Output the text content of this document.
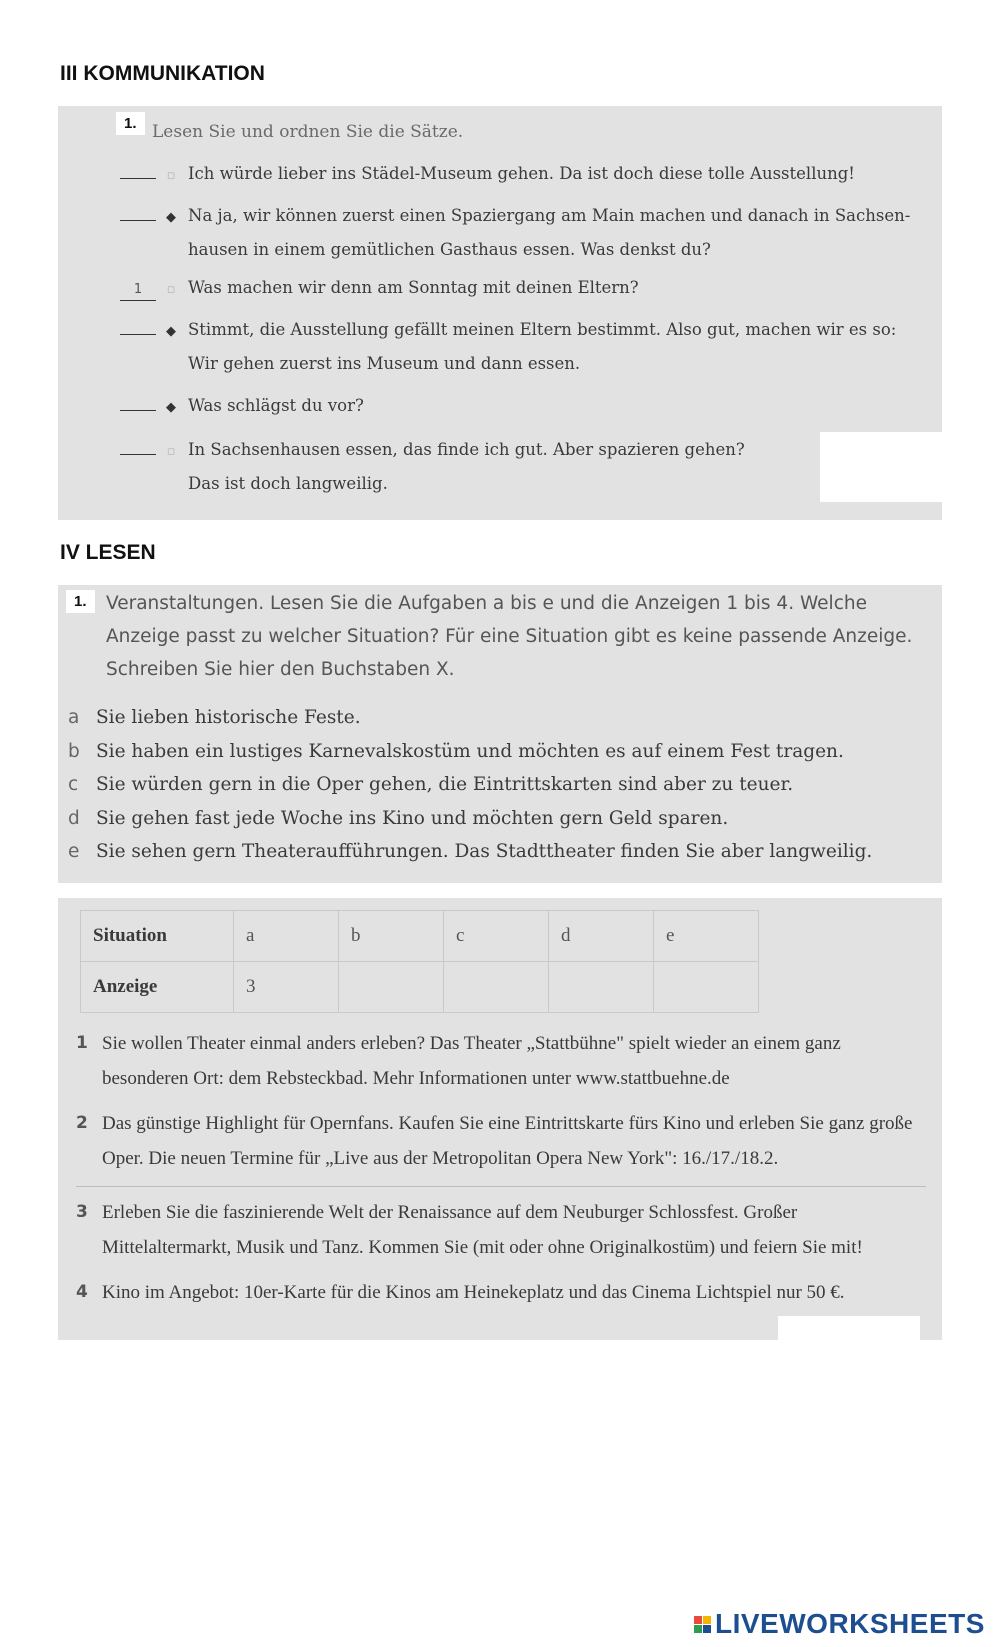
III KOMMUNIKATION
1. Lesen Sie und ordnen Sie die Sätze.
▫ Ich würde lieber ins Städel-Museum gehen. Da ist doch diese tolle Ausstellung!
◆ Na ja, wir können zuerst einen Spaziergang am Main machen und danach in Sachsen-
hausen in einem gemütlichen Gasthaus essen. Was denkst du?
1 ▫ Was machen wir denn am Sonntag mit deinen Eltern?
◆ Stimmt, die Ausstellung gefällt meinen Eltern bestimmt. Also gut, machen wir es so:
Wir gehen zuerst ins Museum und dann essen.
◆ Was schlägst du vor?
▫ In Sachsenhausen essen, das finde ich gut. Aber spazieren gehen?
Das ist doch langweilig.
IV LESEN
Veranstaltungen. Lesen Sie die Aufgaben a bis e und die Anzeigen 1 bis 4. Welche Anzeige passt zu welcher Situation? Für eine Situation gibt es keine passende Anzeige. Schreiben Sie hier den Buchstaben X.
a Sie lieben historische Feste.
b Sie haben ein lustiges Karnevalskostüm und möchten es auf einem Fest tragen.
c Sie würden gern in die Oper gehen, die Eintrittskarten sind aber zu teuer.
d Sie gehen fast jede Woche ins Kino und möchten gern Geld sparen.
e Sie sehen gern Theateraufführungen. Das Stadttheater finden Sie aber langweilig.
1.
Situation	a	b	c	d	e
Anzeige	3				
1 Sie wollen Theater einmal anders erleben? Das Theater „Stattbühne" spielt wieder an einem ganz besonderen Ort: dem Rebsteckbad. Mehr Informationen unter www.stattbuehne.de
2 Das günstige Highlight für Opernfans. Kaufen Sie eine Eintrittskarte fürs Kino und erleben Sie ganz große Oper. Die neuen Termine für „Live aus der Metropolitan Opera New York": 16./17./18.2.
3 Erleben Sie die faszinierende Welt der Renaissance auf dem Neuburger Schlossfest. Großer Mittelaltermarkt, Musik und Tanz. Kommen Sie (mit oder ohne Originalkostüm) und feiern Sie mit!
4 Kino im Angebot: 10er-Karte für die Kinos am Heinekeplatz und das Cinema Lichtspiel nur 50 €.
LIVEWORKSHEETS
